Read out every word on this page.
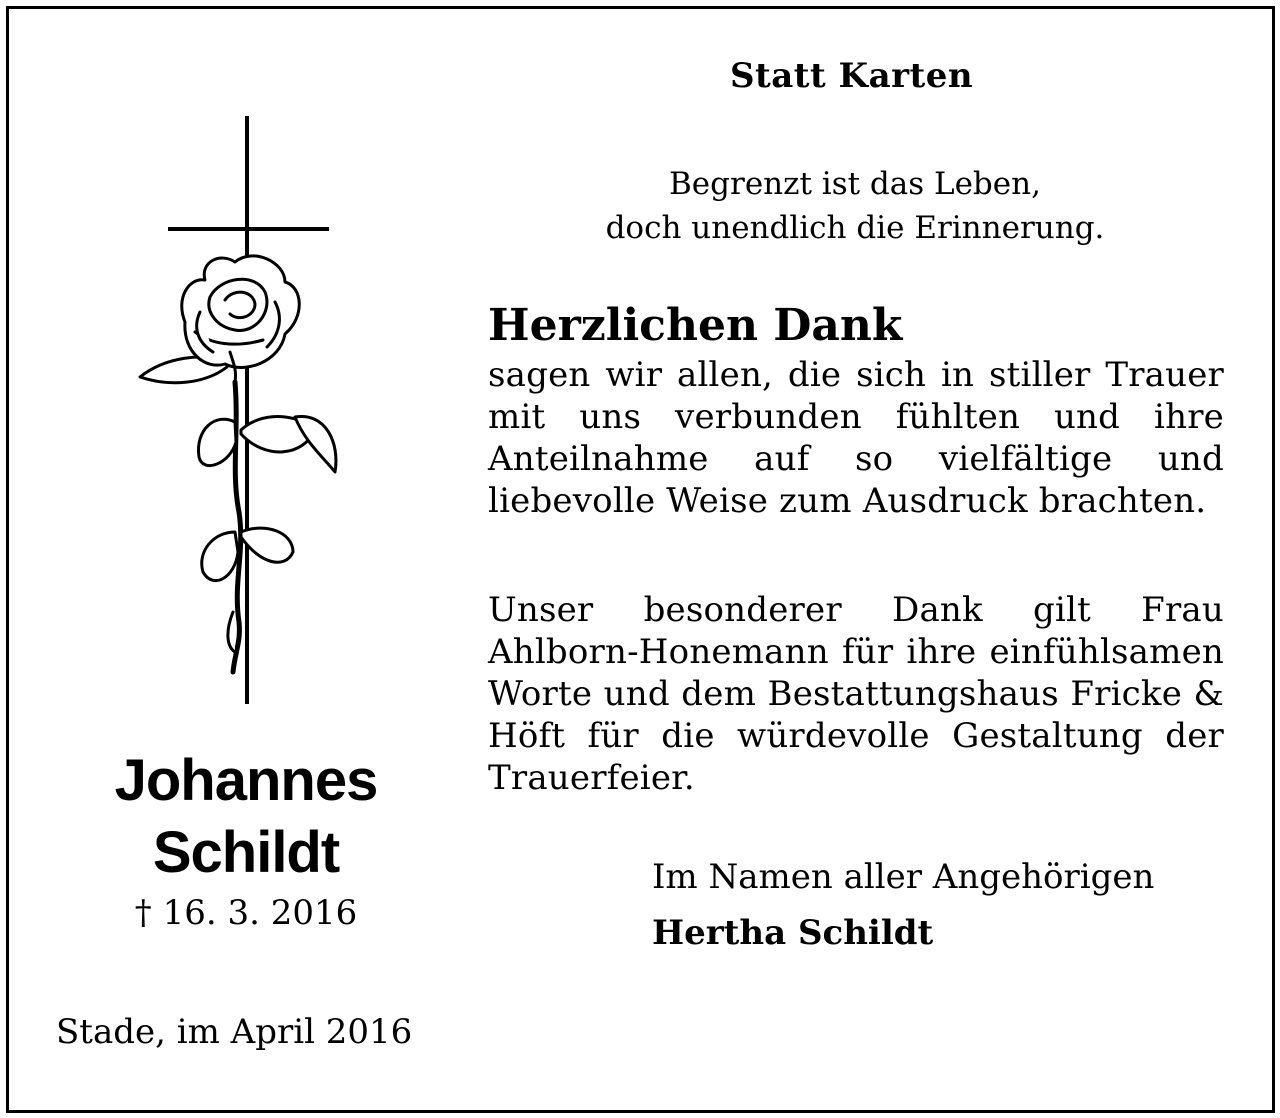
Statt Karten
Begrenzt ist das Leben,
doch unendlich die Erinnerung.
Herzlichen Dank
sagen wir allen, die sich in stiller Trauer mit uns verbunden fühlten und ihre Anteilnahme auf so vielfältige und liebevolle Weise zum Ausdruck brachten.
Unser besonderer Dank gilt Frau Ahlborn-Honemann für ihre einfühlsamen Worte und dem Bestattungshaus Fricke & Höft für die würdevolle Gestaltung der Trauerfeier.
Im Namen aller Angehörigen
Hertha Schildt
Johannes
Schildt
† 16. 3. 2016
Stade, im April 2016
